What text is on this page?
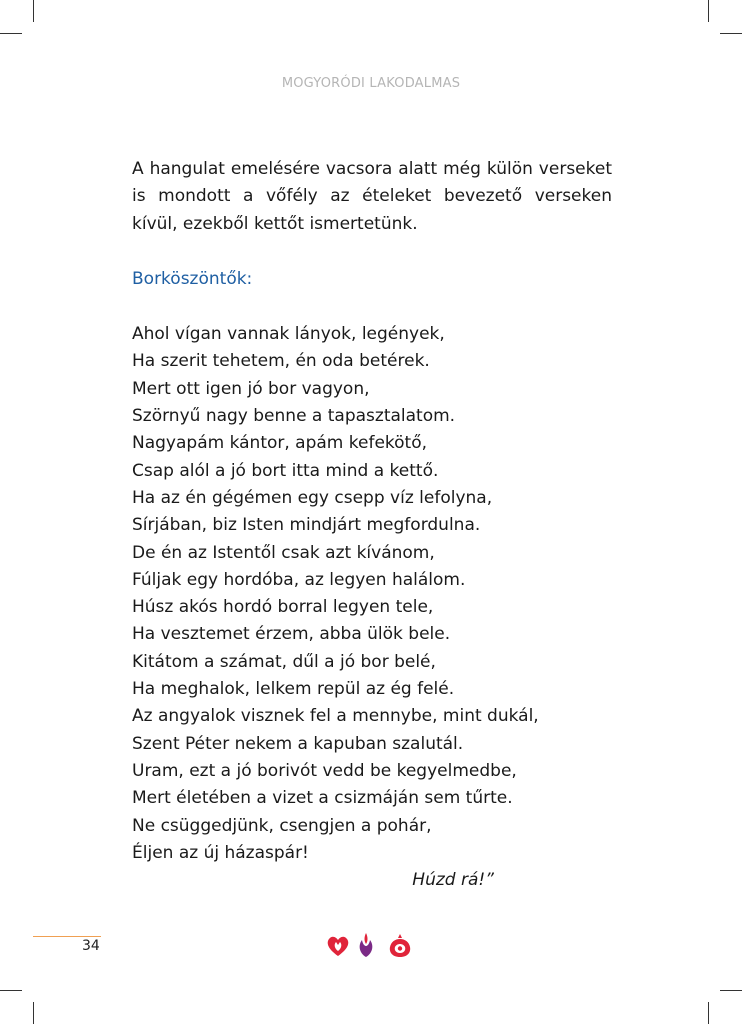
MOGYORÓDI LAKODALMAS

A hangulat emelésére vacsora alatt még külön verseket is mondott a vőfély az ételeket bevezető verseken kívül, ezekből kettőt ismertetünk.

Borköszöntők:

Ahol vígan vannak lányok, legények,
Ha szerit tehetem, én oda betérek.
Mert ott igen jó bor vagyon,
Szörnyű nagy benne a tapasztalatom.
Nagyapám kántor, apám kefekötő,
Csap alól a jó bort itta mind a kettő.
Ha az én gégémen egy csepp víz lefolyna,
Sírjában, biz Isten mindjárt megfordulna.
De én az Istentől csak azt kívánom,
Fúljak egy hordóba, az legyen halálom.
Húsz akós hordó borral legyen tele,
Ha vesztemet érzem, abba ülök bele.
Kitátom a számat, dűl a jó bor belé,
Ha meghalok, lelkem repül az ég felé.
Az angyalok visznek fel a mennybe, mint dukál,
Szent Péter nekem a kapuban szalutál.
Uram, ezt a jó borivót vedd be kegyelmedbe,
Mert életében a vizet a csizmáján sem tűrte.
Ne csüggedjünk, csengjen a pohár,
Éljen az új házaspár!

Húzd rá!”

34
